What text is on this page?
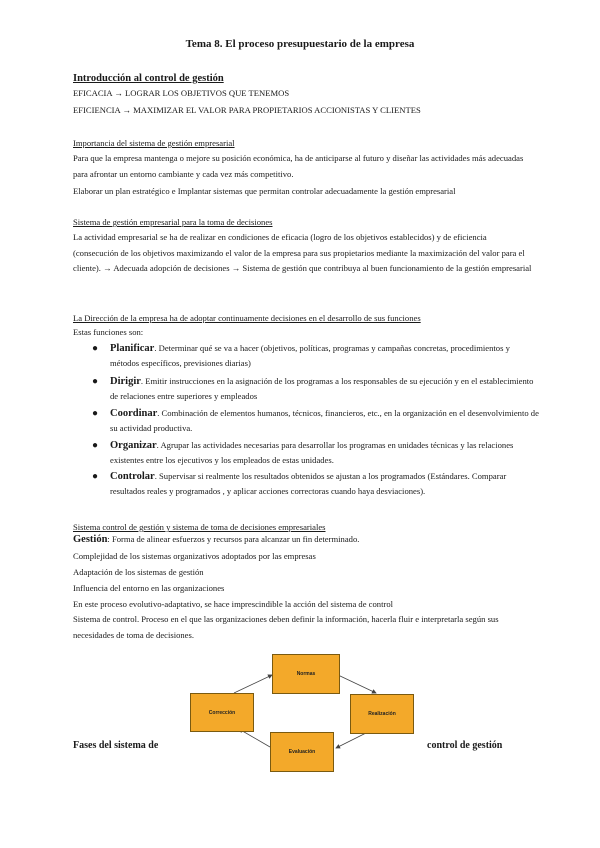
Tema 8. El proceso presupuestario de la empresa
Introducción al control de gestión
EFICACIA → LOGRAR LOS OBJETIVOS QUE TENEMOS
EFICIENCIA → MAXIMIZAR EL VALOR PARA PROPIETARIOS ACCIONISTAS Y CLIENTES
Importancia del sistema de gestión empresarial
Para que la empresa mantenga o mejore su posición económica, ha de anticiparse al futuro y diseñar las actividades más adecuadas para afrontar un entorno cambiante y cada vez más competitivo.
Elaborar un plan estratégico e Implantar sistemas que permitan controlar adecuadamente la gestión empresarial
Sistema de gestión empresarial para la toma de decisiones
La actividad empresarial se ha de realizar en condiciones de eficacia (logro de los objetivos establecidos) y de eficiencia (consecución de los objetivos maximizando el valor de la empresa para sus propietarios mediante la maximización del valor para el cliente). → Adecuada adopción de decisiones → Sistema de gestión que contribuya al buen funcionamiento de la gestión empresarial
La Dirección de la empresa ha de adoptar continuamente decisiones en el desarrollo de sus funciones
Estas funciones son:
● Planificar. Determinar qué se va a hacer (objetivos, políticas, programas y campañas concretas, procedimientos y métodos específicos, previsiones diarias)
● Dirigir. Emitir instrucciones en la asignación de los programas a los responsables de su ejecución y en el establecimiento de relaciones entre superiores y empleados
● Coordinar. Combinación de elementos humanos, técnicos, financieros, etc., en la organización en el desenvolvimiento de su actividad productiva.
● Organizar. Agrupar las actividades necesarias para desarrollar los programas en unidades técnicas y las relaciones existentes entre los ejecutivos y los empleados de estas unidades.
● Controlar. Supervisar si realmente los resultados obtenidos se ajustan a los programados (Estándares. Comparar resultados reales y programados , y aplicar acciones correctoras cuando haya desviaciones).
Sistema control de gestión y sistema de toma de decisiones empresariales
Gestión: Forma de alinear esfuerzos y recursos para alcanzar un fin determinado.
Complejidad de los sistemas organizativos adoptados por las empresas
Adaptación de los sistemas de gestión
Influencia del entorno en las organizaciones
En este proceso evolutivo-adaptativo, se hace imprescindible la acción del sistema de control
Sistema de control. Proceso en el que las organizaciones deben definir la información, hacerla fluir e interpretarla según sus necesidades de toma de decisiones.
Normas
Corrección	Realización
Evaluación
Fases del sistema de	control de gestión
